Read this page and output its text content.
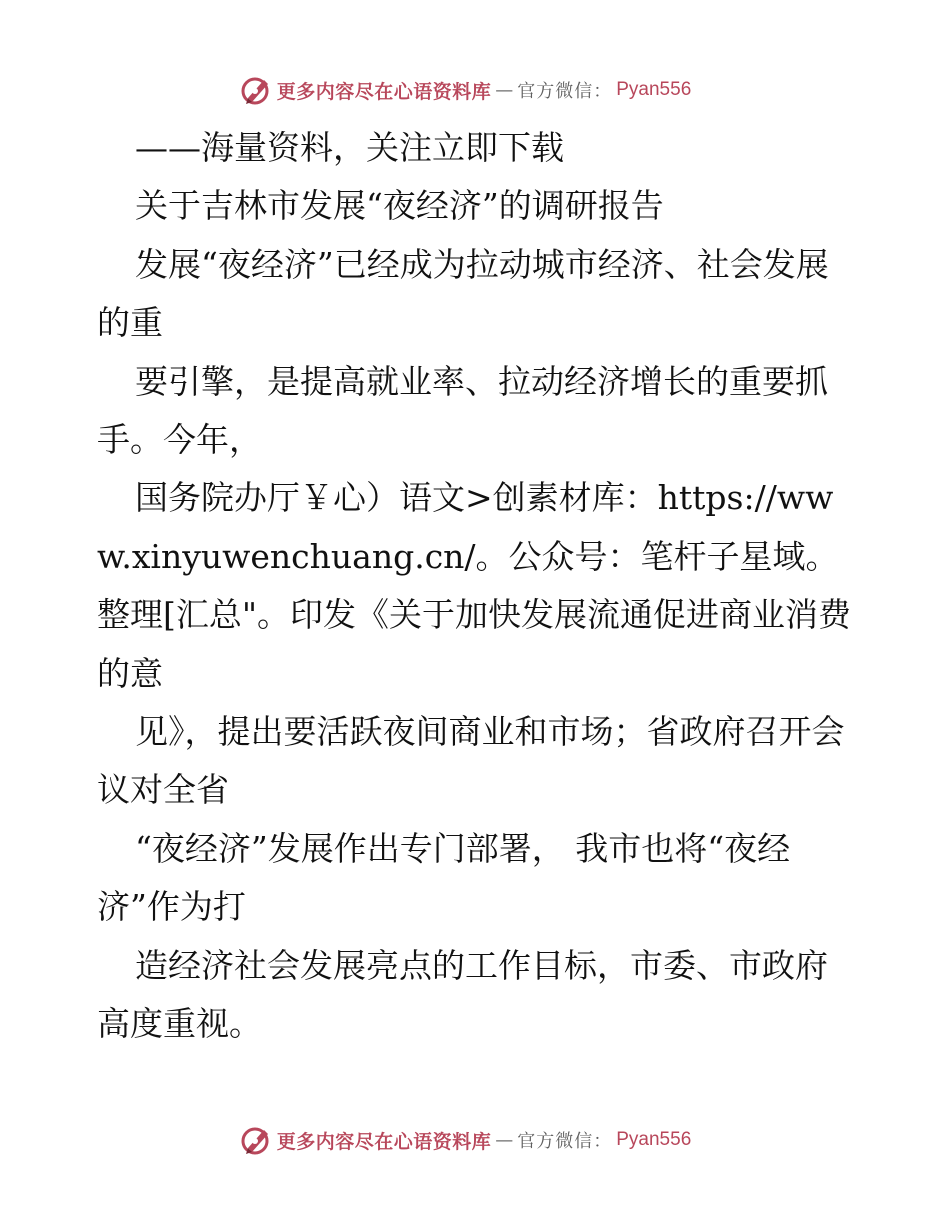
更多内容尽在心语资料库 — 官方微信： Pyan556

——海量资料，关注立即下载

关于吉林市发展“夜经济”的调研报告

发展“夜经济”已经成为拉动城市经济、社会发展的重

要引擎，是提高就业率、拉动经济增长的重要抓手。今年，

国务院办厅￥心）语文>创素材库：https://www.xinyuwenchuang.cn/。公众号：笔杆子星域。整理[汇总"。印发《关于加快发展流通促进商业消费的意

见》，提出要活跃夜间商业和市场；省政府召开会议对全省

“夜经济”发展作出专门部署， 我市也将“夜经济”作为打

造经济社会发展亮点的工作目标，市委、市政府高度重视。

更多内容尽在心语资料库 — 官方微信： Pyan556
